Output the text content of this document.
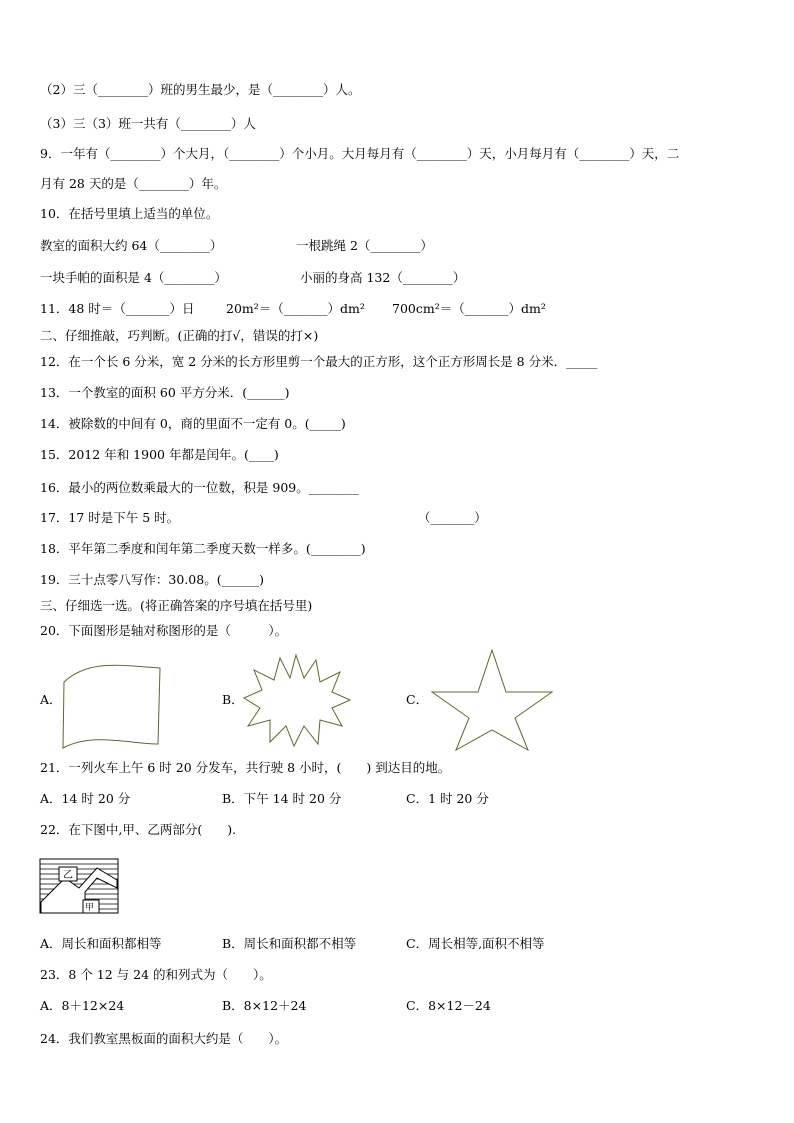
（2）三（________）班的男生最少，是（________）人。
（3）三（3）班一共有（________）人
9．一年有（________）个大月，（________）个小月。大月每月有（________）天，小月每月有（________）天，二
月有 28 天的是（________）年。
10．在括号里填上适当的单位。
教室的面积大约 64（________）	一根跳绳 2（________）
一块手帕的面积是 4（________）	小丽的身高 132（________）
11．48 时＝（_______）日	20m²＝（_______）dm² 700cm²＝（_______）dm²
二、仔细推敲，巧判断。(正确的打√，错误的打×)
12．在一个长 6 分米，宽 2 分米的长方形里剪一个最大的正方形，这个正方形周长是 8 分米．_____
13．一个教室的面积 60 平方分米．(______)
14．被除数的中间有 0，商的里面不一定有 0。(_____)
15．2012 年和 1900 年都是闰年。(____)
16．最小的两位数乘最大的一位数，积是 909。________
17．17 时是下午 5 时。	（_______）
18．平年第二季度和闰年第二季度天数一样多。(________)
19．三十点零八写作：30.08。(______)
三、仔细选一选。(将正确答案的序号填在括号里)
20．下面图形是轴对称图形的是（　　　）。
A．	B．	C．
21．一列火车上午 6 时 20 分发车，共行驶 8 小时，(　　) 到达目的地。
A．14 时 20 分	B．下午 14 时 20 分	C．1 时 20 分
22．在下图中,甲、乙两部分(　　).
乙
甲
A．周长和面积都相等	B．周长和面积都不相等	C．周长相等,面积不相等
23．8 个 12 与 24 的和列式为（　　）。
A．8＋12×24	B．8×12＋24	C．8×12－24
24．我们教室黑板面的面积大约是（　　）。
